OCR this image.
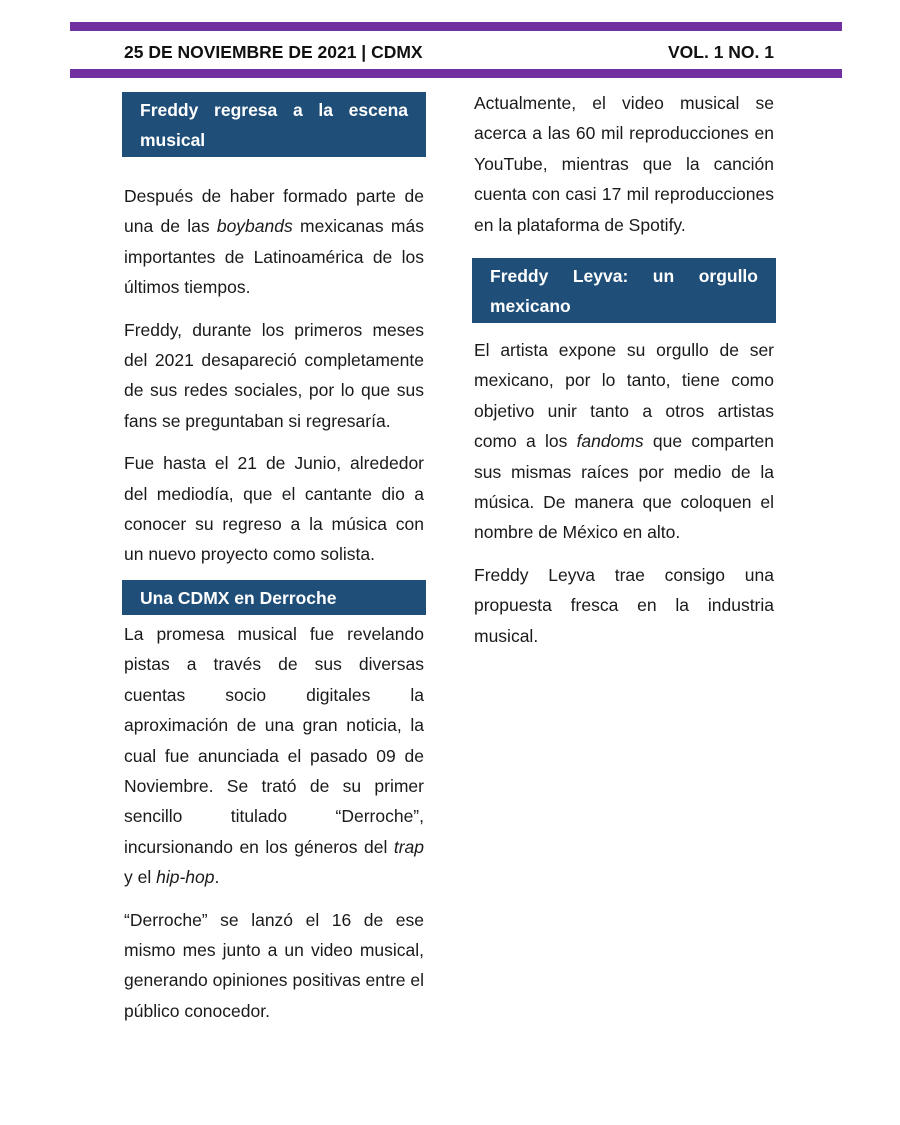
25 DE NOVIEMBRE DE 2021 | CDMX	VOL. 1 NO. 1
Freddy regresa a la escena musical

Después de haber formado parte de una de las boybands mexicanas más importantes de Latinoamérica de los últimos tiempos.

Freddy, durante los primeros meses del 2021 desapareció completamente de sus redes sociales, por lo que sus fans se preguntaban si regresaría.

Fue hasta el 21 de Junio, alrededor del mediodía, que el cantante dio a conocer su regreso a la música con un nuevo proyecto como solista.

Una CDMX en Derroche

La promesa musical fue revelando pistas a través de sus diversas cuentas socio digitales la aproximación de una gran noticia, la cual fue anunciada el pasado 09 de Noviembre. Se trató de su primer sencillo titulado “Derroche”, incursionando en los géneros del trap y el hip-hop.

“Derroche” se lanzó el 16 de ese mismo mes junto a un video musical, generando opiniones positivas entre el público conocedor.

Actualmente, el video musical se acerca a las 60 mil reproducciones en YouTube, mientras que la canción cuenta con casi 17 mil reproducciones en la plataforma de Spotify.

Freddy Leyva: un orgullo mexicano

El artista expone su orgullo de ser mexicano, por lo tanto, tiene como objetivo unir tanto a otros artistas como a los fandoms que comparten sus mismas raíces por medio de la música. De manera que coloquen el nombre de México en alto.

Freddy Leyva trae consigo una propuesta fresca en la industria musical.
